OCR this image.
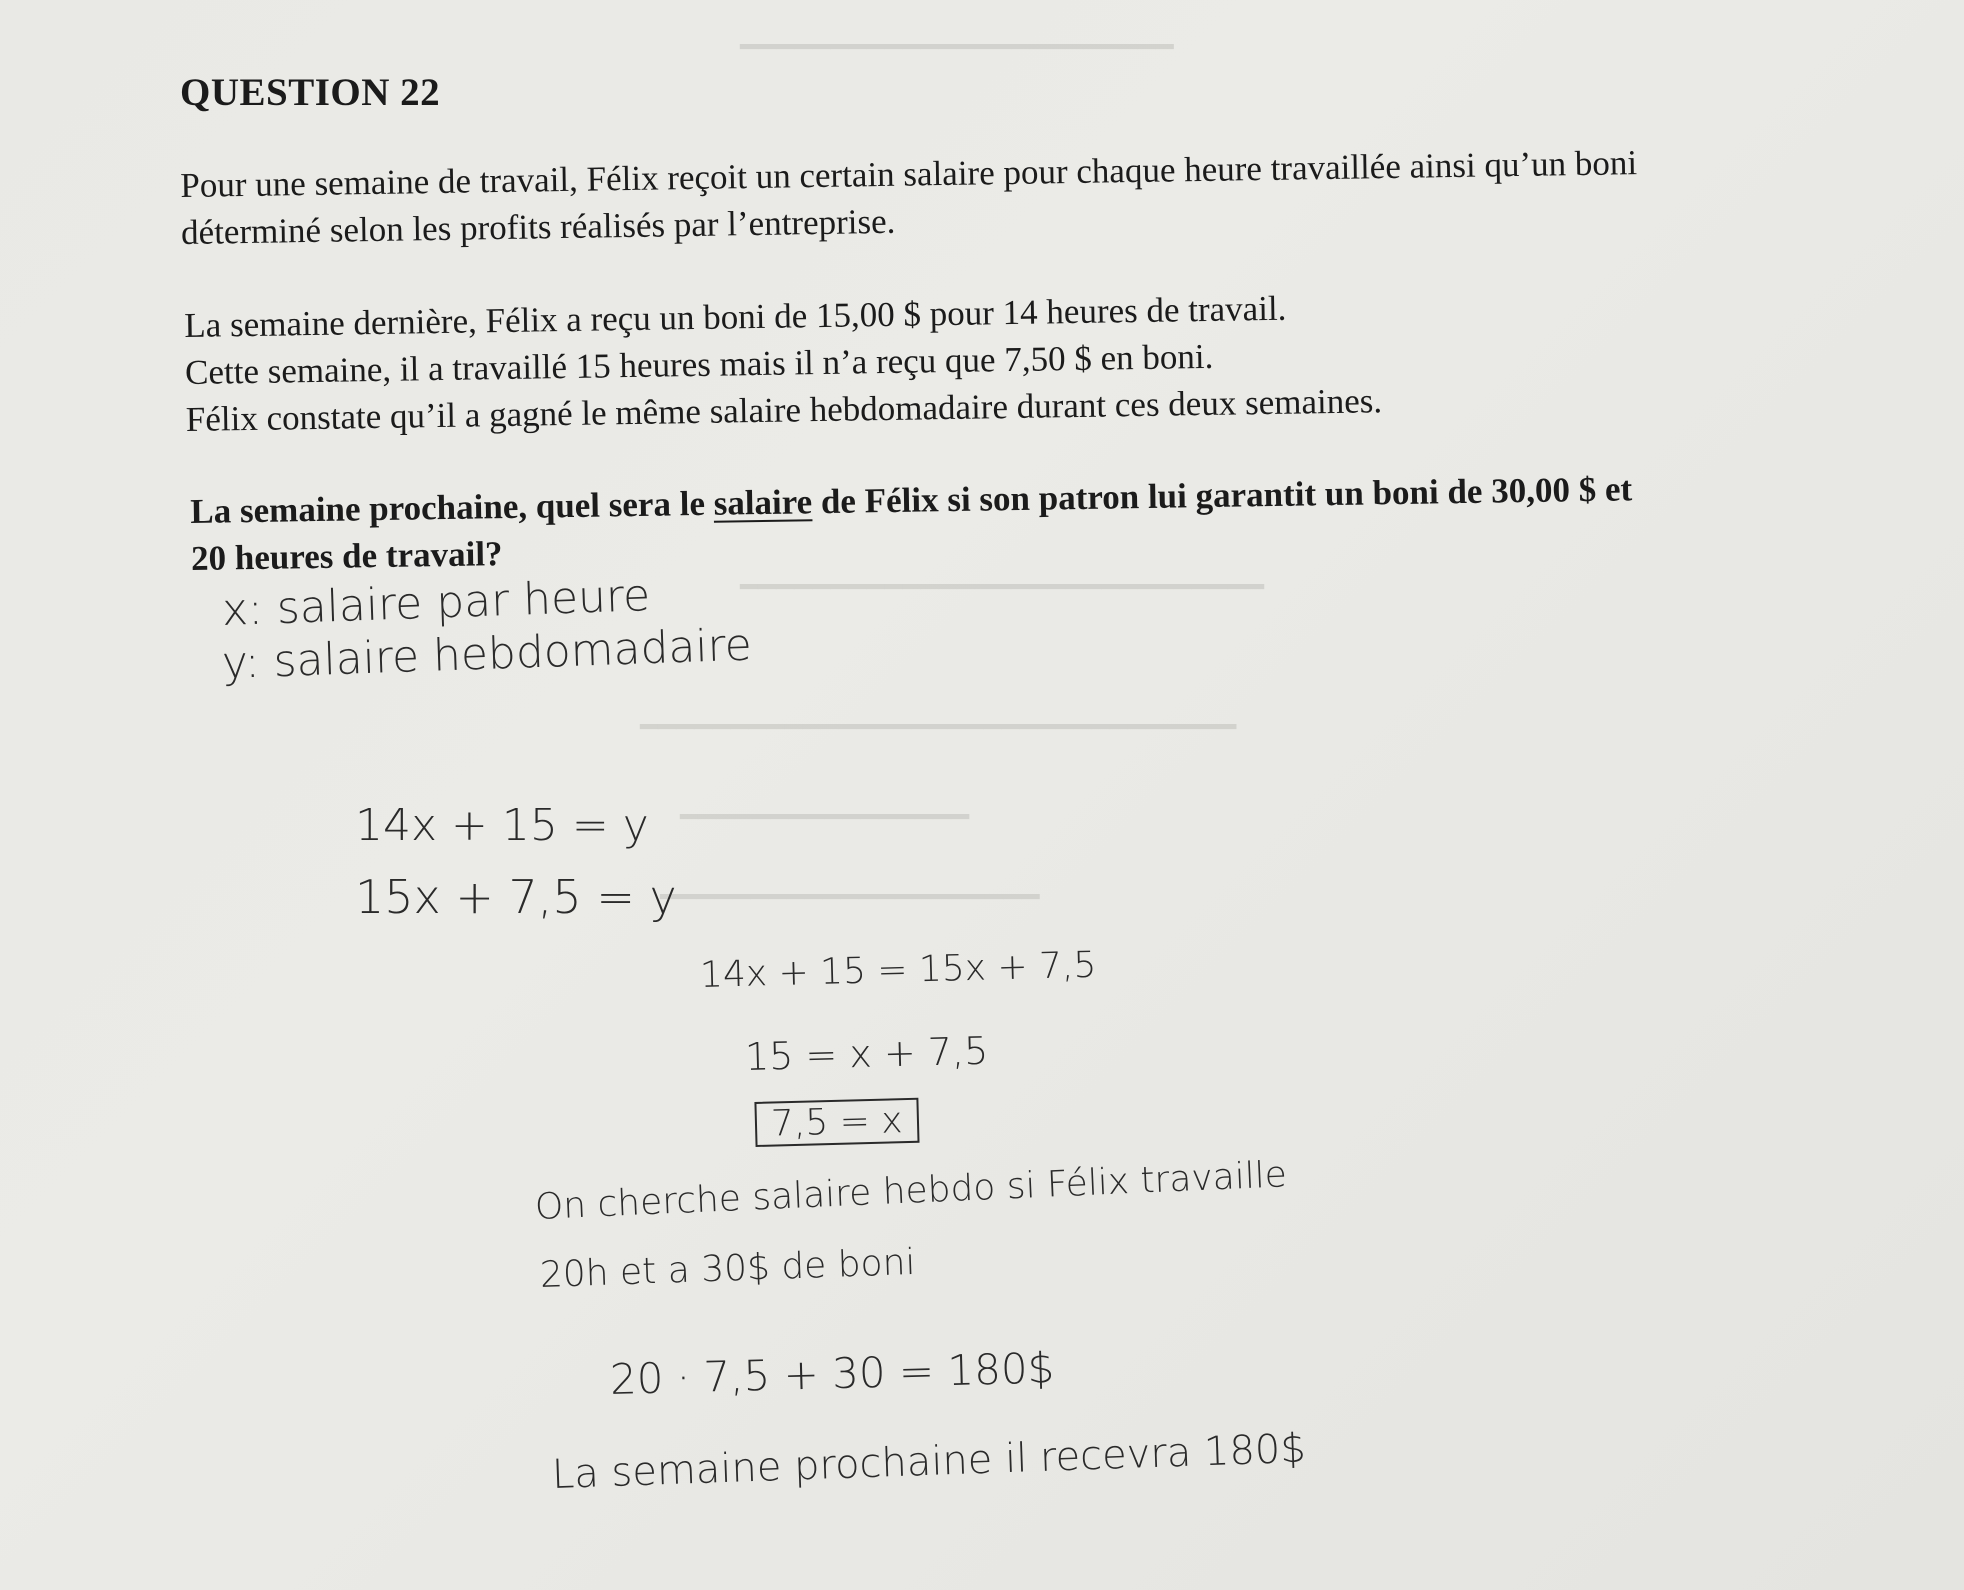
━━━━━━━━━━━━━━━━━━━━━━━━
━━━━━━━━━━━━━━━━━━━━━━━━━━━━━
━━━━━━━━━━━━━━━━━━━━━━━━━━━━━━━━━
━━━━━━━━━━━━━━━━
━━━━━━━━━━━━━━━━━━━━━
QUESTION 22
Pour une semaine de travail, Félix reçoit un certain salaire pour chaque heure travaillée ainsi qu’un boni
déterminé selon les profits réalisés par l’entreprise.
La semaine dernière, Félix a reçu un boni de 15,00 $ pour 14 heures de travail.
Cette semaine, il a travaillé 15 heures mais il n’a reçu que 7,50 $ en boni.
Félix constate qu’il a gagné le même salaire hebdomadaire durant ces deux semaines.
La semaine prochaine, quel sera le salaire de Félix si son patron lui garantit un boni de 30,00 $ et
20 heures de travail?
x: salaire par heure
y: salaire hebdomadaire
14x + 15 = y
15x + 7,5 = y
14x + 15 = 15x + 7,5
15 = x + 7,5
7,5 = x
On cherche salaire hebdo si Félix travaille
20h et a 30$ de boni
20 · 7,5 + 30 = 180$
La semaine prochaine il recevra 180$
